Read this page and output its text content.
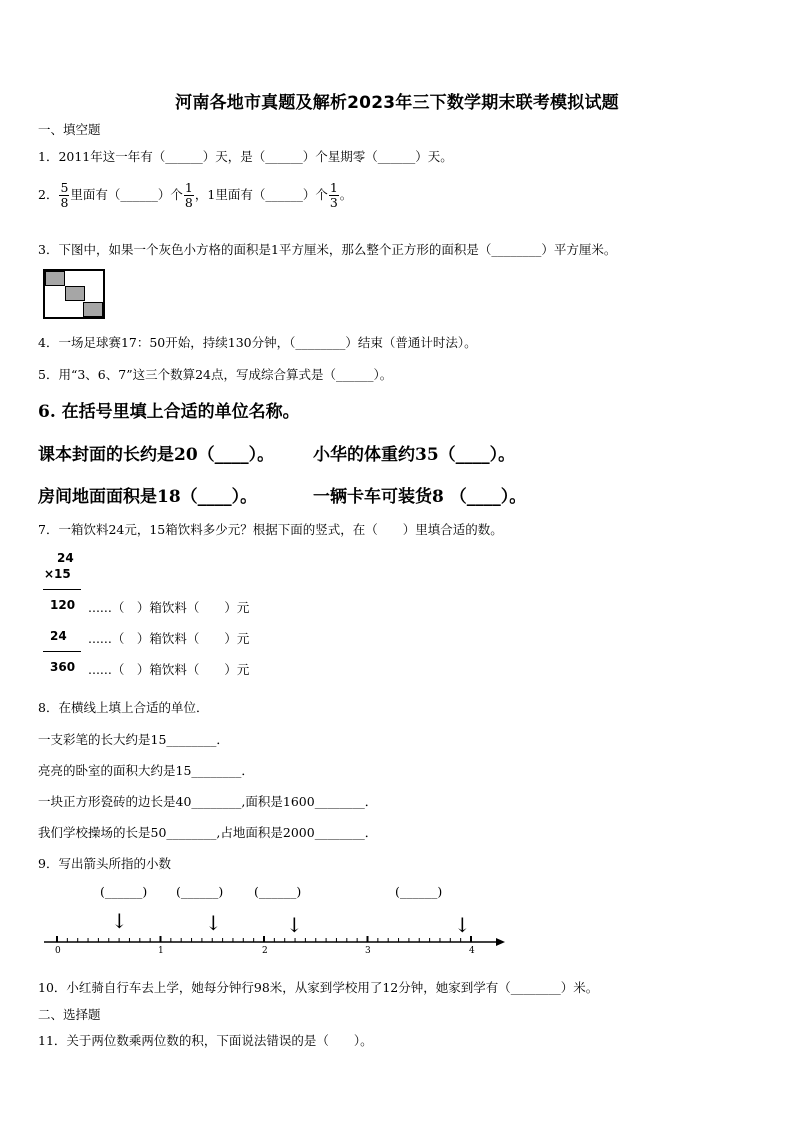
河南各地市真题及解析2023年三下数学期末联考模拟试题
一、填空题
1．2011年这一年有（______）天，是（______）个星期零（______）天。
2． $\frac{5}{8}$ 里面有（______）个 $\frac{1}{8}$ ，1里面有（______）个 $\frac{1}{3}$ 。
3．下图中，如果一个灰色小方格的面积是1平方厘米，那么整个正方形的面积是（________）平方厘米。
4．一场足球赛17：50开始，持续130分钟，（________）结束（普通计时法）。
5．用“3、6、7”这三个数算24点，写成综合算式是（______）。
6. 在括号里填上合适的单位名称。
课本封面的长约是20（____）。 小华的体重约35（____）。
房间地面面积是18（____）。	一辆卡车可装货8 （____）。
7．一箱饮料24元，15箱饮料多少元？根据下面的竖式，在（　　）里填合适的数。
24
×15
120 ......（　）箱饮料（　　）元
24 ......（　）箱饮料（　　）元
360 ......（　）箱饮料（　　）元
8．在横线上填上合适的单位．
一支彩笔的长大约是15________．
亮亮的卧室的面积大约是15________．
一块正方形瓷砖的边长是40________,面积是1600________．
我们学校操场的长是50________,占地面积是2000________．
9．写出箭头所指的小数
(______) (______) (______)	(______)
↓	↓	↓	↓
0	1	2	3	4
10．小红骑自行车去上学，她每分钟行98米，从家到学校用了12分钟，她家到学有（________）米。
二、选择题
11．关于两位数乘两位数的积，下面说法错误的是（　　）。
